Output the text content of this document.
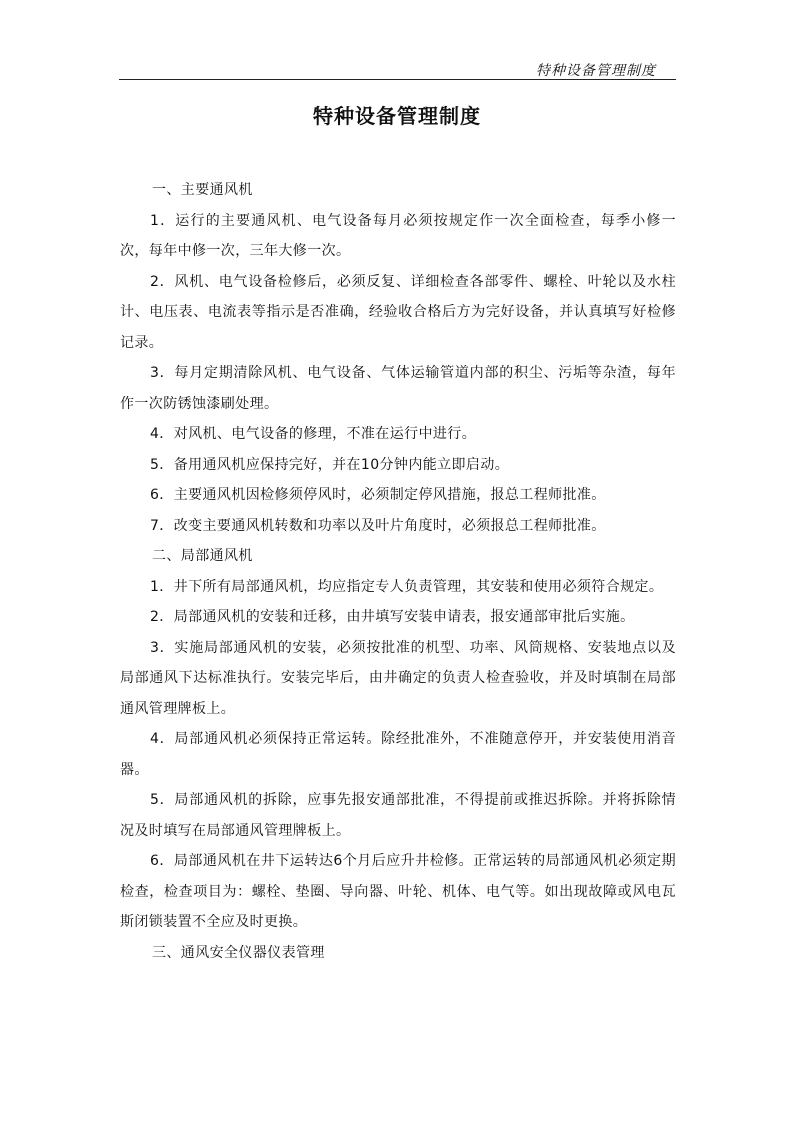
特种设备管理制度
特种设备管理制度

一、主要通风机

1．运行的主要通风机、电气设备每月必须按规定作一次全面检查，每季小修一次，每年中修一次，三年大修一次。

2．风机、电气设备检修后，必须反复、详细检查各部零件、螺栓、叶轮以及水柱计、电压表、电流表等指示是否准确，经验收合格后方为完好设备，并认真填写好检修记录。

3．每月定期清除风机、电气设备、气体运输管道内部的积尘、污垢等杂渣，每年作一次防锈蚀漆刷处理。

4．对风机、电气设备的修理，不准在运行中进行。

5．备用通风机应保持完好，并在10分钟内能立即启动。

6．主要通风机因检修须停风时，必须制定停风措施，报总工程师批准。

7．改变主要通风机转数和功率以及叶片角度时，必须报总工程师批准。

二、局部通风机

1．井下所有局部通风机，均应指定专人负责管理，其安装和使用必须符合规定。

2．局部通风机的安装和迁移，由井填写安装申请表，报安通部审批后实施。

3．实施局部通风机的安装，必须按批准的机型、功率、风筒规格、安装地点以及局部通风下达标准执行。安装完毕后，由井确定的负责人检查验收，并及时填制在局部通风管理牌板上。

4．局部通风机必须保持正常运转。除经批准外，不准随意停开，并安装使用消音器。

5．局部通风机的拆除，应事先报安通部批准，不得提前或推迟拆除。并将拆除情况及时填写在局部通风管理牌板上。

6．局部通风机在井下运转达6个月后应升井检修。正常运转的局部通风机必须定期检查，检查项目为：螺栓、垫圈、导向器、叶轮、机体、电气等。如出现故障或风电瓦斯闭锁装置不全应及时更换。

三、通风安全仪器仪表管理
